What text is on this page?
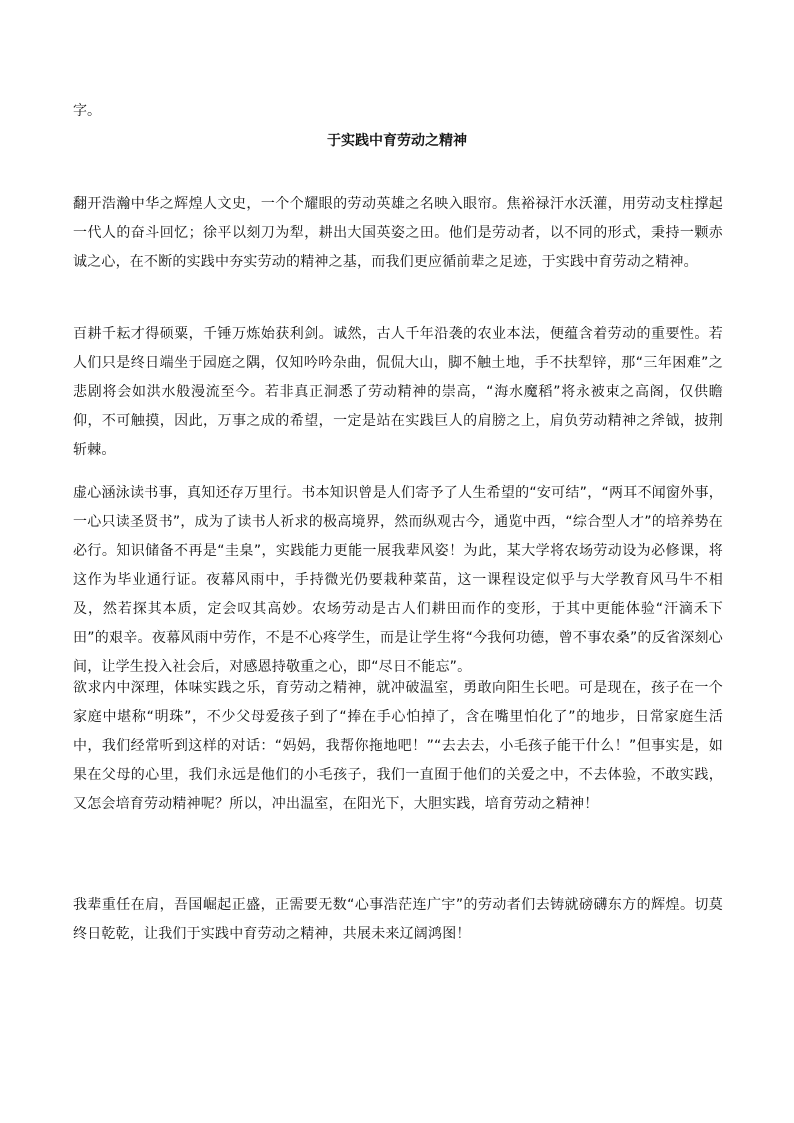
字。

于实践中育劳动之精神

翻开浩瀚中华之辉煌人文史，一个个耀眼的劳动英雄之名映入眼帘。焦裕禄汗水沃灌，用劳动支柱撑起一代人的奋斗回忆；徐平以刻刀为犁，耕出大国英姿之田。他们是劳动者，以不同的形式，秉持一颗赤诚之心，在不断的实践中夯实劳动的精神之基，而我们更应循前辈之足迹，于实践中育劳动之精神。

百耕千耘才得硕粟，千锤万炼始获利剑。诚然，古人千年沿袭的农业本法，便蕴含着劳动的重要性。若人们只是终日端坐于园庭之隅，仅知吟吟杂曲，侃侃大山，脚不触土地，手不扶犁锌，那“三年困难”之悲剧将会如洪水般漫流至今。若非真正洞悉了劳动精神的崇高，“海水魔稻”将永被束之高阁，仅供瞻仰，不可触摸，因此，万事之成的希望，一定是站在实践巨人的肩膀之上，肩负劳动精神之斧钺，披荆斩棘。

虚心涵泳读书事，真知还存万里行。书本知识曾是人们寄予了人生希望的“安可结”，“两耳不闻窗外事，一心只读圣贤书”，成为了读书人祈求的极高境界，然而纵观古今，通览中西，“综合型人才”的培养势在必行。知识储备不再是“圭臬”，实践能力更能一展我辈风姿！为此，某大学将农场劳动设为必修课，将这作为毕业通行证。夜幕风雨中，手持微光仍要栽种菜苗，这一课程设定似乎与大学教育风马牛不相及，然若探其本质，定会叹其高妙。农场劳动是古人们耕田而作的变形，于其中更能体验“汗滴禾下田”的艰辛。夜幕风雨中劳作，不是不心疼学生，而是让学生将“今我何功德，曾不事农桑”的反省深刻心间，让学生投入社会后，对感恩持敬重之心，即“尽日不能忘”。

欲求内中深理，体味实践之乐，育劳动之精神，就冲破温室，勇敢向阳生长吧。可是现在，孩子在一个家庭中堪称“明珠”，不少父母爱孩子到了“捧在手心怕掉了，含在嘴里怕化了”的地步，日常家庭生活中，我们经常听到这样的对话：“妈妈，我帮你拖地吧！”“去去去，小毛孩子能干什么！”但事实是，如果在父母的心里，我们永远是他们的小毛孩子，我们一直囿于他们的关爱之中，不去体验，不敢实践，又怎会培育劳动精神呢？所以，冲出温室，在阳光下，大胆实践，培育劳动之精神！

我辈重任在肩，吾国崛起正盛，正需要无数“心事浩茫连广宇”的劳动者们去铸就磅礴东方的辉煌。切莫终日乾乾，让我们于实践中育劳动之精神，共展未来辽阔鸿图！
